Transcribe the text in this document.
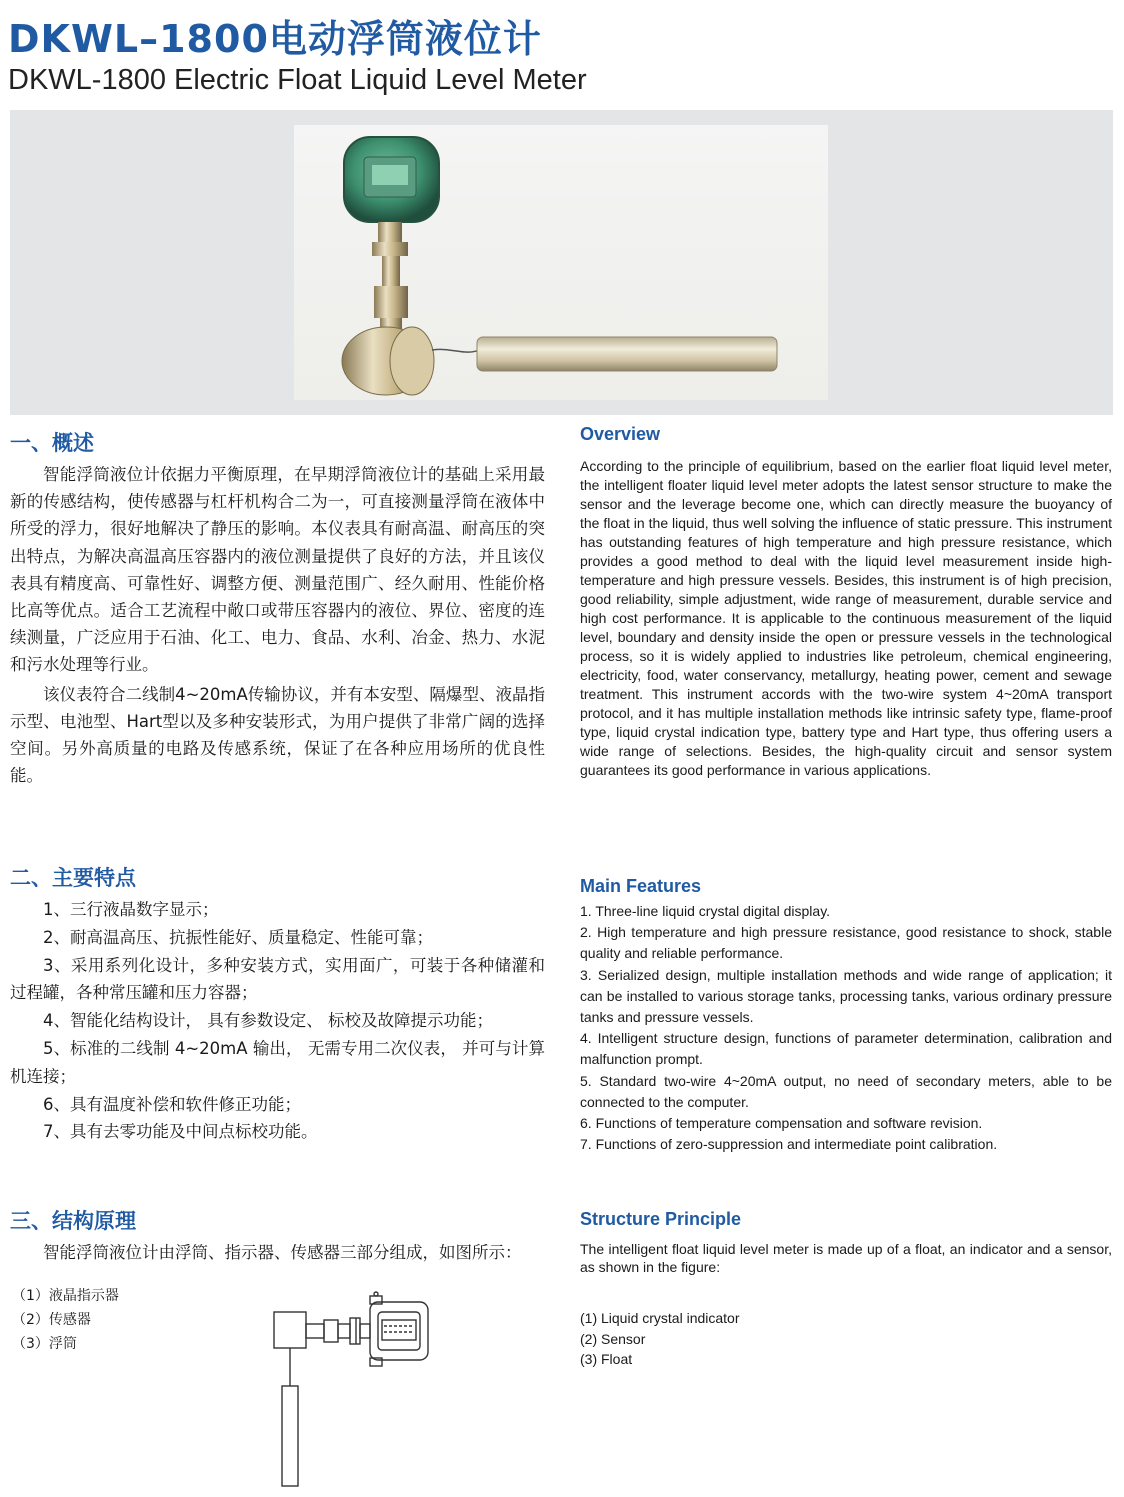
DKWL–1800电动浮筒液位计
DKWL-1800 Electric Float Liquid Level Meter
一、概述

智能浮筒液位计依据力平衡原理，在早期浮筒液位计的基础上采用最新的传感结构，使传感器与杠杆机构合二为一，可直接测量浮筒在液体中所受的浮力，很好地解决了静压的影响。本仪表具有耐高温、耐高压的突出特点，为解决高温高压容器内的液位测量提供了良好的方法，并且该仪表具有精度高、可靠性好、调整方便、测量范围广、经久耐用、性能价格比高等优点。适合工艺流程中敞口或带压容器内的液位、界位、密度的连续测量，广泛应用于石油、化工、电力、食品、水利、冶金、热力、水泥和污水处理等行业。

该仪表符合二线制4~20mA传输协议，并有本安型、隔爆型、液晶指示型、电池型、Hart型以及多种安装形式，为用户提供了非常广阔的选择空间。另外高质量的电路及传感系统，保证了在各种应用场所的优良性能。

Overview

According to the principle of equilibrium, based on the earlier float liquid level meter, the intelligent floater liquid level meter adopts the latest sensor structure to make the sensor and the leverage become one, which can directly measure the buoyancy of the float in the liquid, thus well solving the influence of static pressure. This instrument has outstanding features of high temperature and high pressure resistance, which provides a good method to deal with the liquid level measurement inside high-temperature and high pressure vessels. Besides, this instrument is of high precision, good reliability, simple adjustment, wide range of measurement, durable service and high cost performance. It is applicable to the continuous measurement of the liquid level, boundary and density inside the open or pressure vessels in the technological process, so it is widely applied to industries like petroleum, chemical engineering, electricity, food, water conservancy, metallurgy, heating power, cement and sewage treatment. This instrument accords with the two-wire system 4~20mA transport protocol, and it has multiple installation methods like intrinsic safety type, flame-proof type, liquid crystal indication type, battery type and Hart type, thus offering users a wide range of selections. Besides, the high-quality circuit and sensor system guarantees its good performance in various applications.

二、主要特点
1、三行液晶数字显示；
2、耐高温高压、抗振性能好、质量稳定、性能可靠；
3、采用系列化设计，多种安装方式，实用面广，可装于各种储灌和过程罐，各种常压罐和压力容器；
4、智能化结构设计， 具有参数设定、 标校及故障提示功能；
5、标准的二线制 4~20mA 输出， 无需专用二次仪表， 并可与计算机连接；
6、具有温度补偿和软件修正功能；
7、具有去零功能及中间点标校功能。
Main Features
1. Three-line liquid crystal digital display.
2. High temperature and high pressure resistance, good resistance to shock, stable quality and reliable performance.
3. Serialized design, multiple installation methods and wide range of application; it can be installed to various storage tanks, processing tanks, various ordinary pressure tanks and pressure vessels.
4. Intelligent structure design, functions of parameter determination, calibration and malfunction prompt.
5. Standard two-wire 4~20mA output, no need of secondary meters, able to be connected to the computer.
6. Functions of temperature compensation and software revision.
7. Functions of zero-suppression and intermediate point calibration.
三、结构原理

智能浮筒液位计由浮筒、指示器、传感器三部分组成，如图所示：

（1）液晶指示器
（2）传感器
（3）浮筒
Structure Principle

The intelligent float liquid level meter is made up of a float, an indicator and a sensor, as shown in the figure:

(1) Liquid crystal indicator
(2) Sensor
(3) Float
